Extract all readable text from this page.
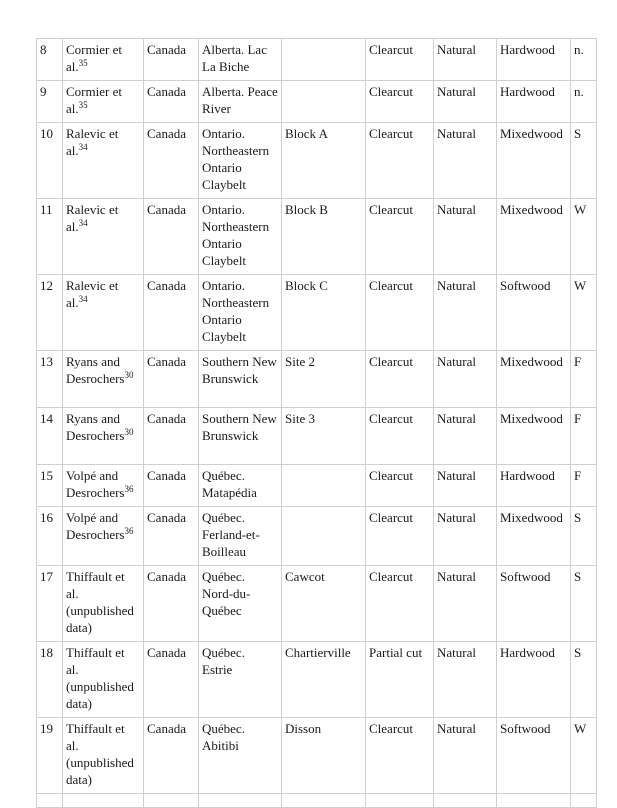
8	Cormier et al.$^{35}$	Canada	Alberta. Lac La Biche		Clearcut	Natural	Hardwood	n.
9	Cormier et al.$^{35}$	Canada	Alberta. Peace River		Clearcut	Natural	Hardwood	n.
10	Ralevic et al.$^{34}$	Canada	Ontario. Northeastern Ontario Claybelt	Block A	Clearcut	Natural	Mixedwood	S
11	Ralevic et al.$^{34}$	Canada	Ontario. Northeastern Ontario Claybelt	Block B	Clearcut	Natural	Mixedwood	W
12	Ralevic et al.$^{34}$	Canada	Ontario. Northeastern Ontario Claybelt	Block C	Clearcut	Natural	Softwood	W
13	Ryans and Desrochers$^{30}$	Canada	Southern New Brunswick	Site 2	Clearcut	Natural	Mixedwood	F
14	Ryans and Desrochers$^{30}$	Canada	Southern New Brunswick	Site 3	Clearcut	Natural	Mixedwood	F
15	Volpé and Desrochers$^{36}$	Canada	Québec. Matapédia		Clearcut	Natural	Hardwood	F
16	Volpé and Desrochers$^{36}$	Canada	Québec. Ferland-et-Boilleau		Clearcut	Natural	Mixedwood	S
17	Thiffault et al. (unpublished data)	Canada	Québec. Nord-du-Québec	Cawcot	Clearcut	Natural	Softwood	S
18	Thiffault et al. (unpublished data)	Canada	Québec. Estrie	Chartierville	Partial cut	Natural	Hardwood	S
19	Thiffault et al. (unpublished data)	Canada	Québec. Abitibi	Disson	Clearcut	Natural	Softwood	W
